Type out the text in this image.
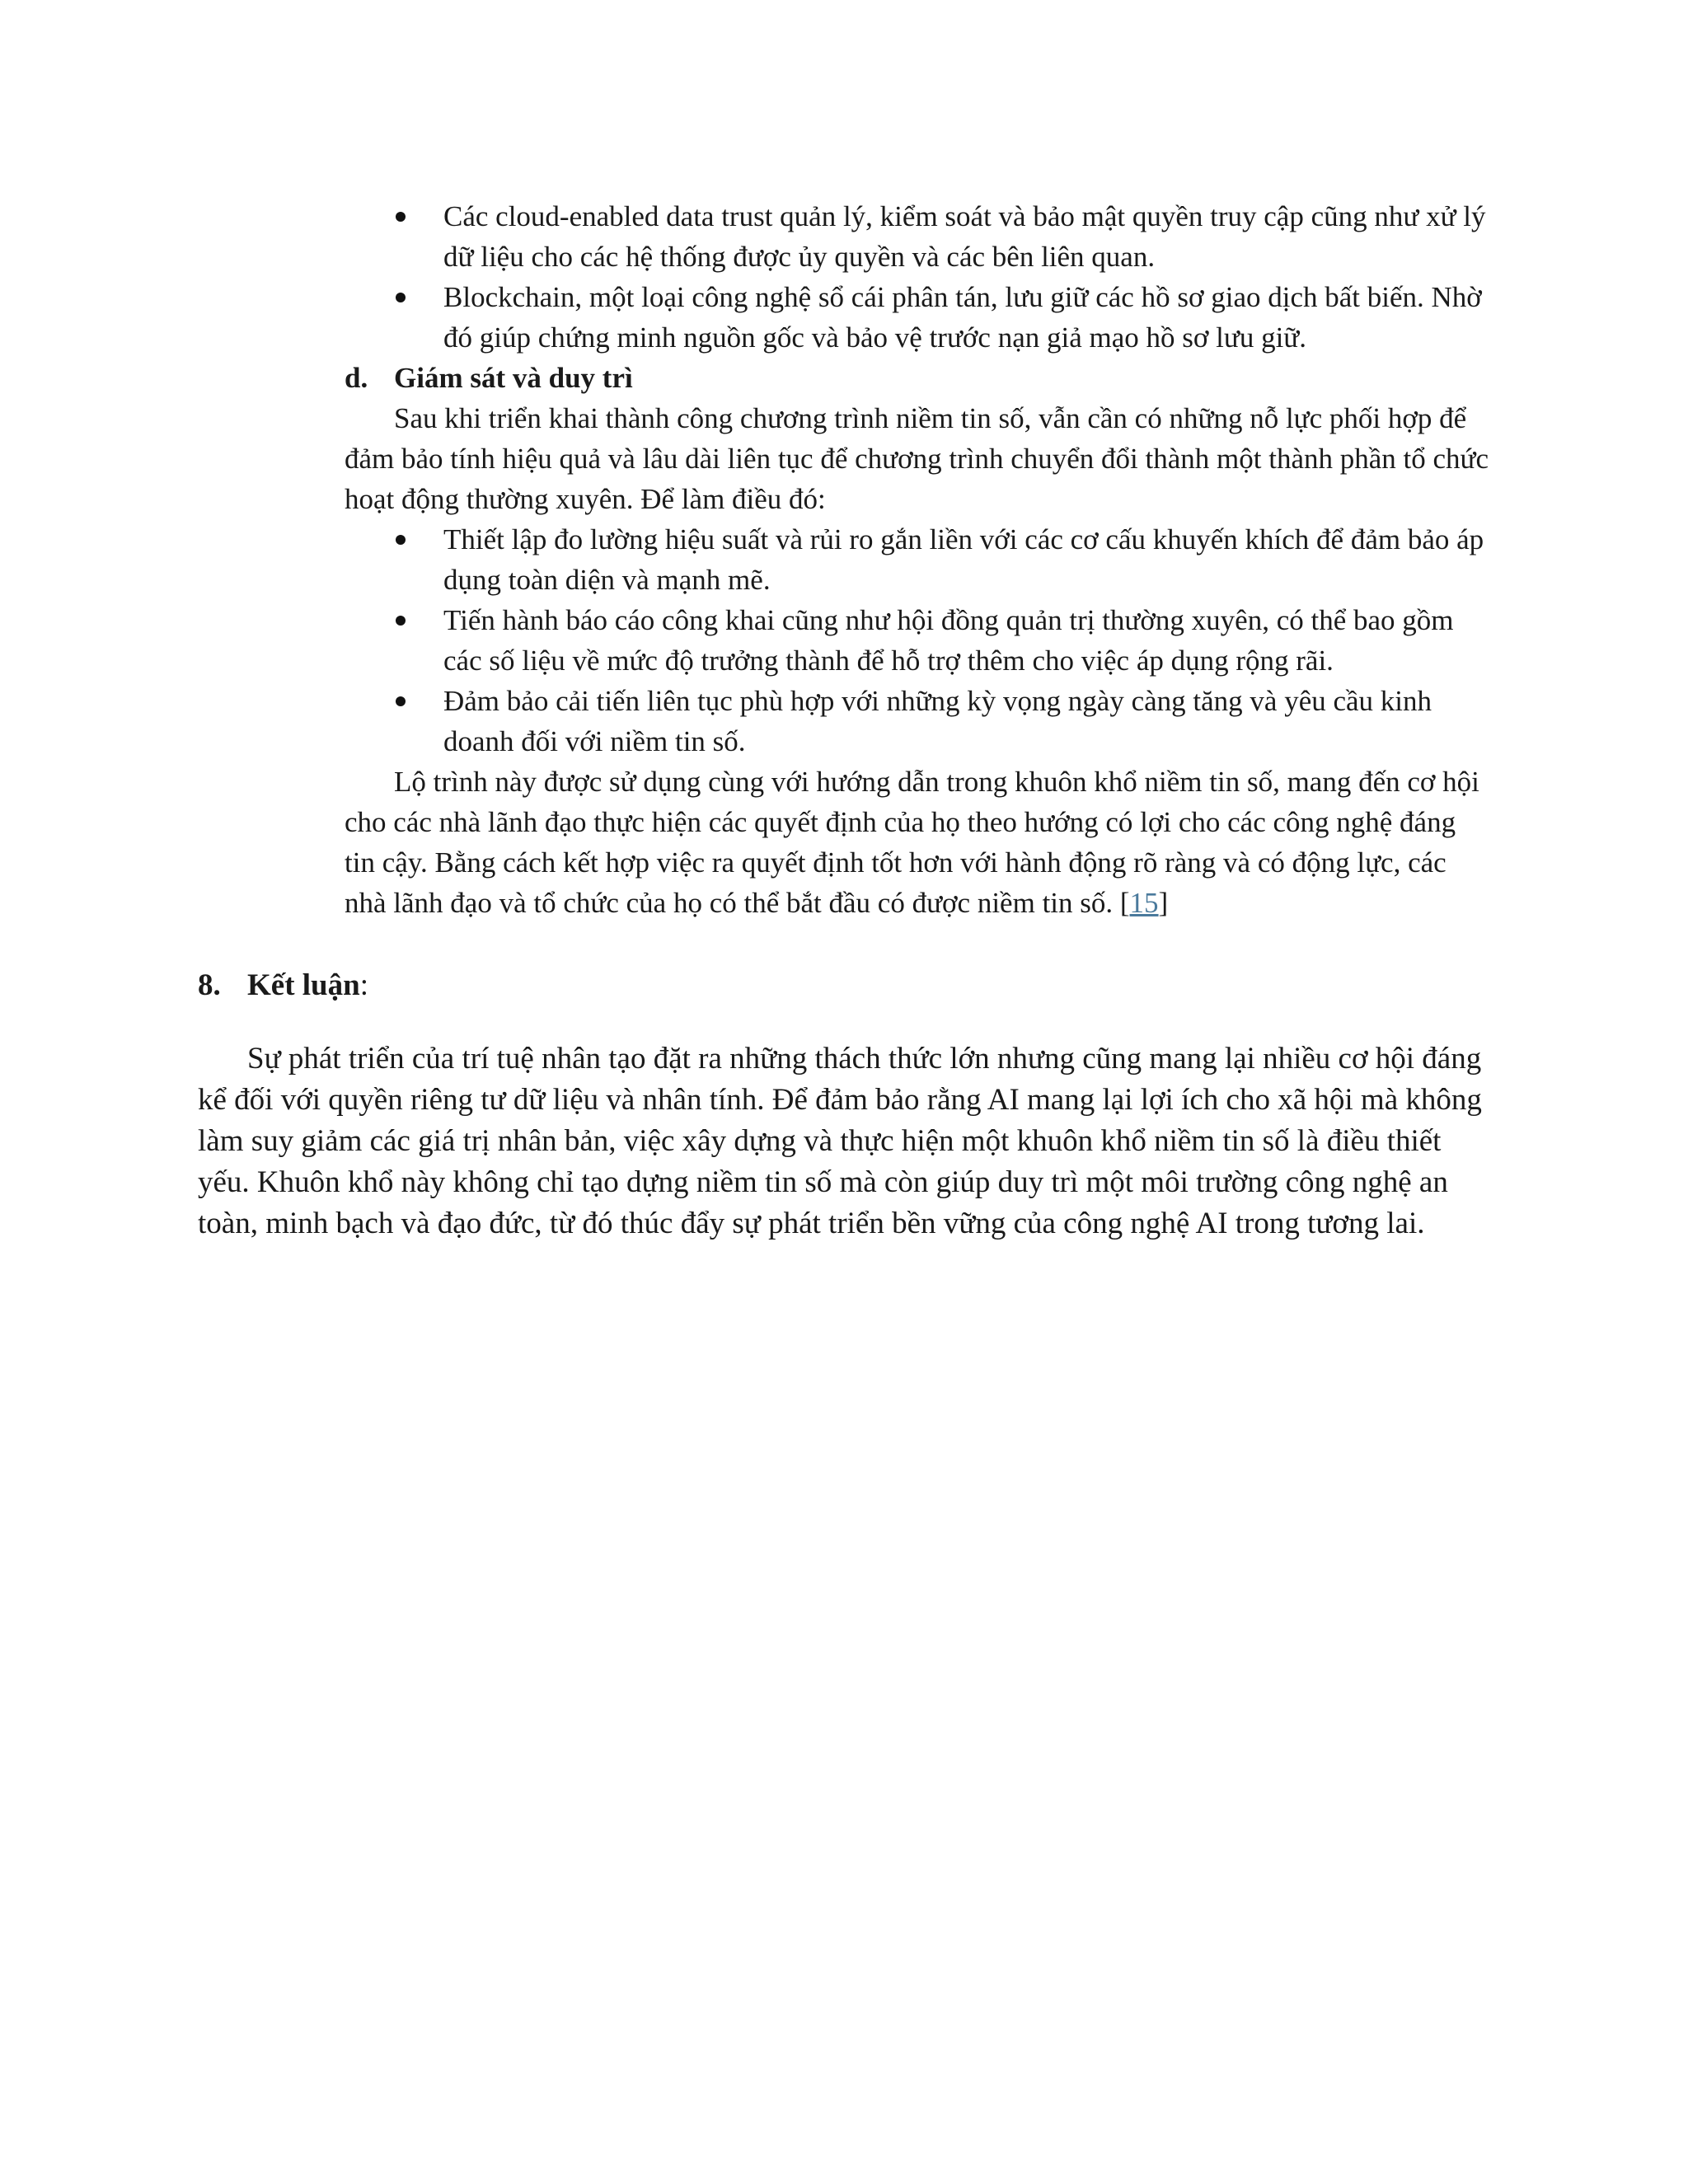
Các cloud-enabled data trust quản lý, kiểm soát và bảo mật quyền truy cập cũng như xử lý dữ liệu cho các hệ thống được ủy quyền và các bên liên quan.
Blockchain, một loại công nghệ sổ cái phân tán, lưu giữ các hồ sơ giao dịch bất biến. Nhờ đó giúp chứng minh nguồn gốc và bảo vệ trước nạn giả mạo hồ sơ lưu giữ.

d. Giám sát và duy trì

Sau khi triển khai thành công chương trình niềm tin số, vẫn cần có những nỗ lực phối hợp để đảm bảo tính hiệu quả và lâu dài liên tục để chương trình chuyển đổi thành một thành phần tổ chức hoạt động thường xuyên. Để làm điều đó:

Thiết lập đo lường hiệu suất và rủi ro gắn liền với các cơ cấu khuyến khích để đảm bảo áp dụng toàn diện và mạnh mẽ.
Tiến hành báo cáo công khai cũng như hội đồng quản trị thường xuyên, có thể bao gồm các số liệu về mức độ trưởng thành để hỗ trợ thêm cho việc áp dụng rộng rãi.
Đảm bảo cải tiến liên tục phù hợp với những kỳ vọng ngày càng tăng và yêu cầu kinh doanh đối với niềm tin số.

Lộ trình này được sử dụng cùng với hướng dẫn trong khuôn khổ niềm tin số, mang đến cơ hội cho các nhà lãnh đạo thực hiện các quyết định của họ theo hướng có lợi cho các công nghệ đáng tin cậy. Bằng cách kết hợp việc ra quyết định tốt hơn với hành động rõ ràng và có động lực, các nhà lãnh đạo và tổ chức của họ có thể bắt đầu có được niềm tin số. [15]

8. Kết luận:

Sự phát triển của trí tuệ nhân tạo đặt ra những thách thức lớn nhưng cũng mang lại nhiều cơ hội đáng kể đối với quyền riêng tư dữ liệu và nhân tính. Để đảm bảo rằng AI mang lại lợi ích cho xã hội mà không làm suy giảm các giá trị nhân bản, việc xây dựng và thực hiện một khuôn khổ niềm tin số là điều thiết yếu. Khuôn khổ này không chỉ tạo dựng niềm tin số mà còn giúp duy trì một môi trường công nghệ an toàn, minh bạch và đạo đức, từ đó thúc đẩy sự phát triển bền vững của công nghệ AI trong tương lai.
